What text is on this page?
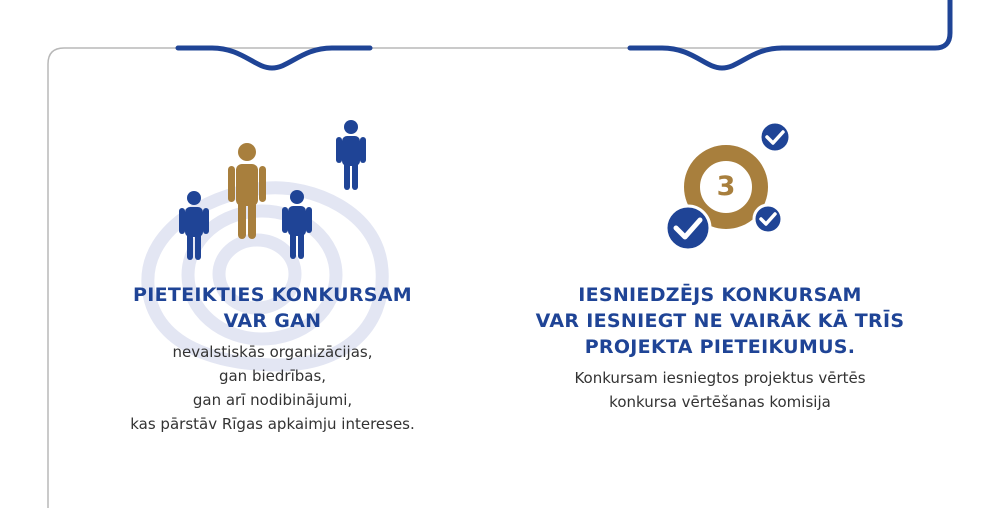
3
PIETEIKTIES KONKURSAM
VAR GAN
nevalstiskās organizācijas,
gan biedrības,
gan arī nodibinājumi,
kas pārstāv Rīgas apkaimju intereses.
IESNIEDZĒJS KONKURSAM
VAR IESNIEGT NE VAIRĀK KĀ TRĪS
PROJEKTA PIETEIKUMUS.
Konkursam iesniegtos projektus vērtēs
konkursa vērtēšanas komisija
